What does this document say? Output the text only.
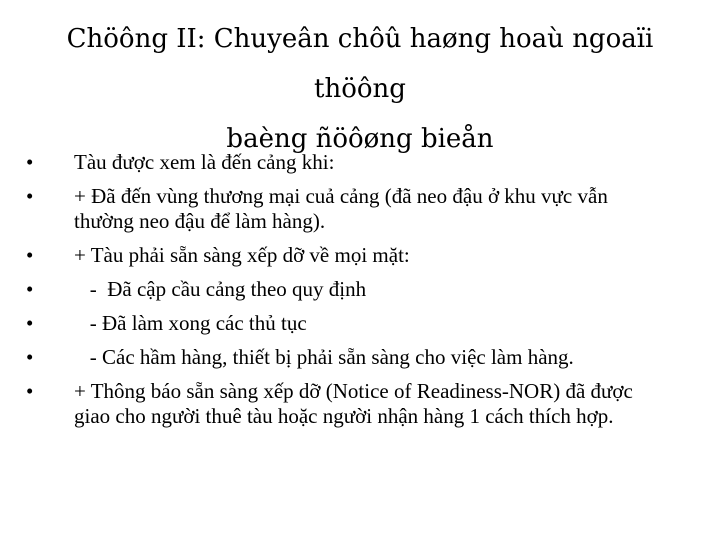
Chöông II: Chuyeân chôû haøng hoaù ngoaïi thöông
baèng ñöôøng bieån
•	Tàu được xem là đến cảng khi:
•	+ Đã đến vùng thương mại cuả cảng (đã neo đậu ở khu vực vẫn thường neo đậu để làm hàng).
•	+ Tàu phải sẵn sàng xếp dỡ về mọi mặt:
•	-  Đã cập cầu cảng theo quy định
•	- Đã làm xong các thủ tục
•	- Các hầm hàng, thiết bị phải sẵn sàng cho việc làm hàng.
•	+ Thông báo sẵn sàng xếp dỡ (Notice of Readiness-NOR) đã được giao cho người thuê tàu hoặc người nhận hàng 1 cách thích hợp.
